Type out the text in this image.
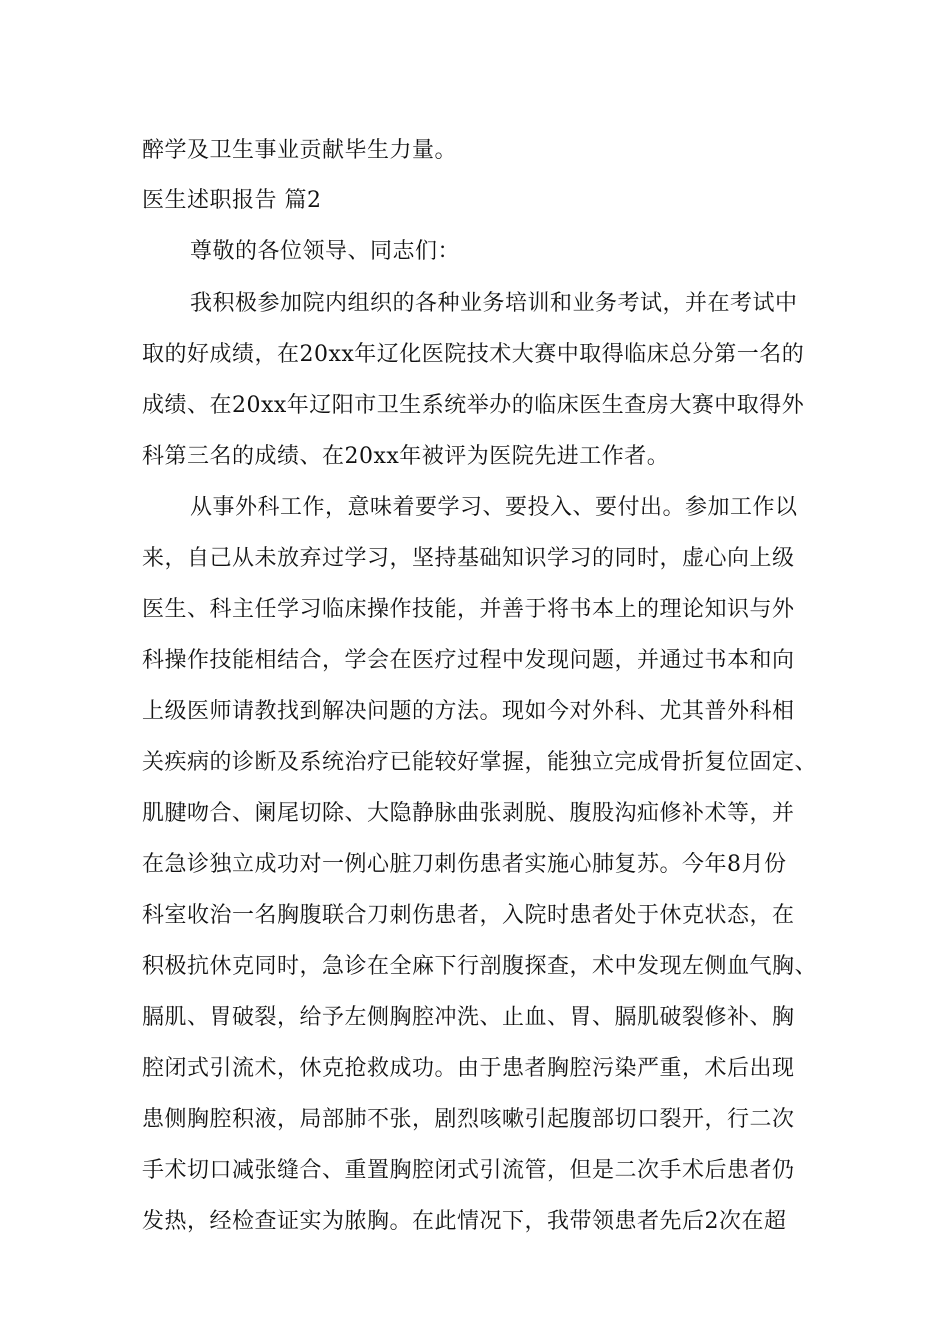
醉学及卫生事业贡献毕生力量。
医生述职报告 篇2
尊敬的各位领导、同志们：
我积极参加院内组织的各种业务培训和业务考试，并在考试中
取的好成绩，在20xx年辽化医院技术大赛中取得临床总分第一名的
成绩、在20xx年辽阳市卫生系统举办的临床医生查房大赛中取得外
科第三名的成绩、在20xx年被评为医院先进工作者。
从事外科工作，意味着要学习、要投入、要付出。参加工作以
来，自己从未放弃过学习，坚持基础知识学习的同时，虚心向上级
医生、科主任学习临床操作技能，并善于将书本上的理论知识与外
科操作技能相结合，学会在医疗过程中发现问题，并通过书本和向
上级医师请教找到解决问题的方法。现如今对外科、尤其普外科相
关疾病的诊断及系统治疗已能较好掌握，能独立完成骨折复位固定、
肌腱吻合、阑尾切除、大隐静脉曲张剥脱、腹股沟疝修补术等，并
在急诊独立成功对一例心脏刀刺伤患者实施心肺复苏。今年8月份
科室收治一名胸腹联合刀刺伤患者，入院时患者处于休克状态，在
积极抗休克同时，急诊在全麻下行剖腹探查，术中发现左侧血气胸、
膈肌、胃破裂，给予左侧胸腔冲洗、止血、胃、膈肌破裂修补、胸
腔闭式引流术，休克抢救成功。由于患者胸腔污染严重，术后出现
患侧胸腔积液，局部肺不张，剧烈咳嗽引起腹部切口裂开，行二次
手术切口减张缝合、重置胸腔闭式引流管，但是二次手术后患者仍
发热，经检查证实为脓胸。在此情况下，我带领患者先后2次在超
